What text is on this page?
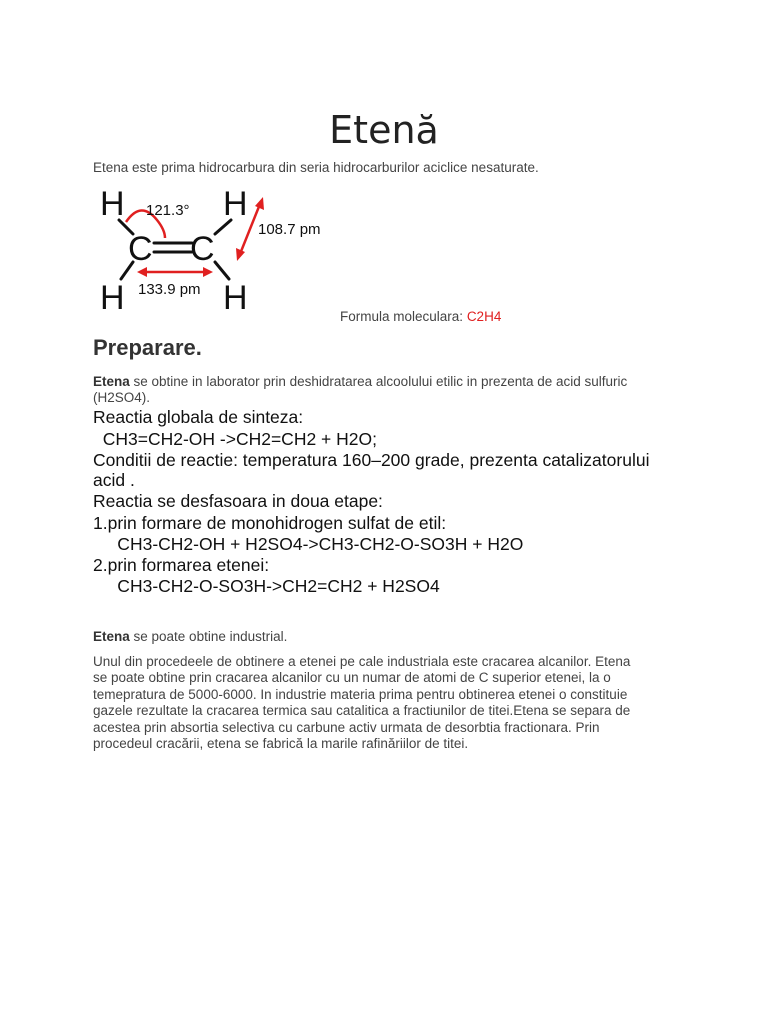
Etenă
Etena este prima hidrocarbura din seria hidrocarburilor aciclice nesaturate.
H	H
C C
H	H
121.3°
108.7 pm
133.9 pm
Formula moleculara: C2H4
Preparare.
Etena se obtine in laborator prin deshidratarea alcoolului etilic in prezenta de acid sulfuric
(H2SO4).
Reactia globala de sinteza:
CH3=CH2-OH ->CH2=CH2 + H2O;
Conditii de reactie: temperatura 160–200 grade, prezenta catalizatorului
acid .
Reactia se desfasoara in doua etape:
1.prin formare de monohidrogen sulfat de etil:
CH3-CH2-OH + H2SO4->CH3-CH2-O-SO3H + H2O
2.prin formarea etenei:
CH3-CH2-O-SO3H->CH2=CH2 + H2SO4
Etena se poate obtine industrial.
Unul din procedeele de obtinere a etenei pe cale industriala este cracarea alcanilor. Etena
se poate obtine prin cracarea alcanilor cu un numar de atomi de C superior etenei, la o
temepratura de 5000-6000. In industrie materia prima pentru obtinerea etenei o constituie
gazele rezultate la cracarea termica sau catalitica a fractiunilor de titei.Etena se separa de
acestea prin absortia selectiva cu carbune activ urmata de desorbtia fractionara. Prin
procedeul cracării, etena se fabrică la marile rafinăriilor de titei.
